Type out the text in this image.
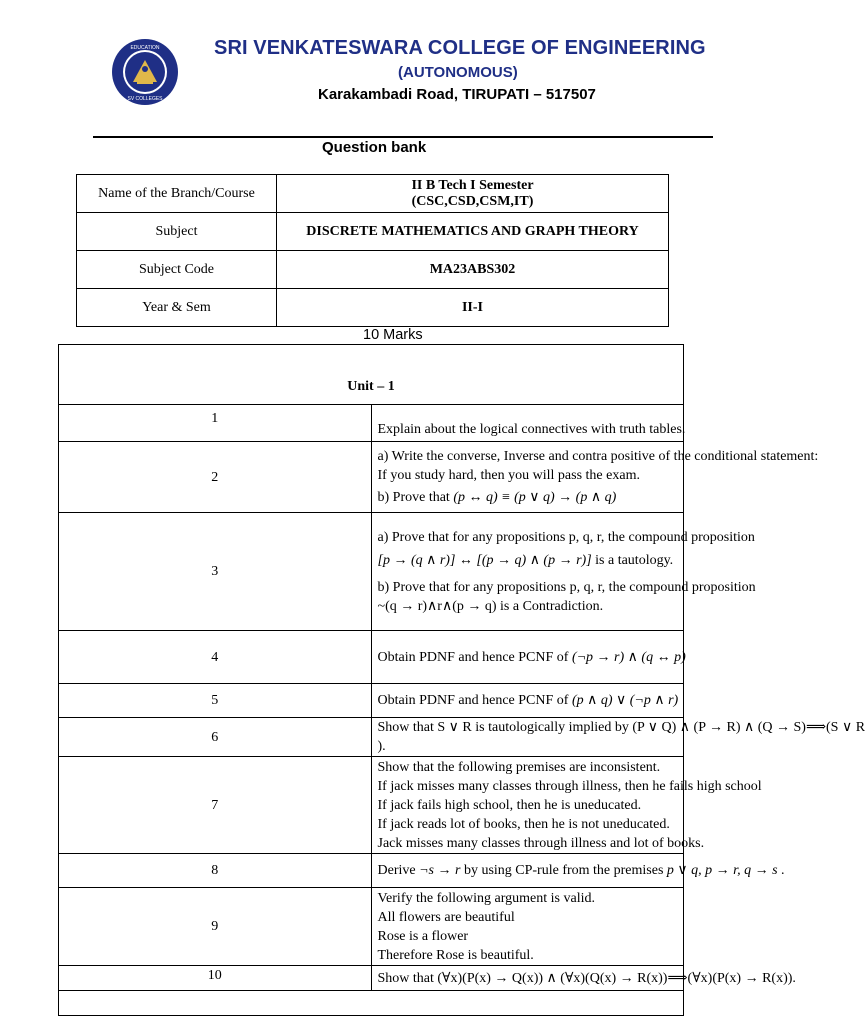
EDUCATION
SV COLLEGES
SRI VENKATESWARA COLLEGE OF ENGINEERING
(AUTONOMOUS)
Karakambadi Road, TIRUPATI – 517507
Question bank
Name of the Branch/Course	II B Tech I Semester
(CSC,CSD,CSM,IT)

Subject	DISCRETE MATHEMATICS AND GRAPH THEORY
Subject Code	MA23ABS302
Year & Sem	II-I
10 Marks
Unit – 1	
1	Explain about the logical connectives with truth tables.

2	a) Write the converse, Inverse and contra positive of the conditional statement:
If you study hard, then you will pass the exam.
b) Prove that (p ↔ q) ≡ (p ∨ q) → (p ∧ q)

3	a) Prove that for any propositions p, q, r, the compound proposition
[p → (q ∧ r)] ↔ [(p → q) ∧ (p → r)] is a tautology.
b) Prove that for any propositions p, q, r, the compound proposition
~(q → r)∧r∧(p → q) is a Contradiction.

4	Obtain PDNF and hence PCNF of (¬p → r) ∧ (q ↔ p)

5	Obtain PDNF and hence PCNF of (p ∧ q) ∨ (¬p ∧ r)

6	Show that S ∨ R is tautologically implied by (P ∨ Q) ∧ (P → R) ∧ (Q → S)⟹(S ∨ R
).

7	Show that the following premises are inconsistent.
If jack misses many classes through illness, then he fails high school
If jack fails high school, then he is uneducated.
If jack reads lot of books, then he is not uneducated.
Jack misses many classes through illness and lot of books.

8	Derive ¬s → r by using CP-rule from the premises p ∨ q, p → r, q → s .

9	Verify the following argument is valid.
All flowers are beautiful
Rose is a flower
Therefore Rose is beautiful.

10	Show that (∀x)(P(x) → Q(x)) ∧ (∀x)(Q(x) → R(x))⟹(∀x)(P(x) → R(x)).
